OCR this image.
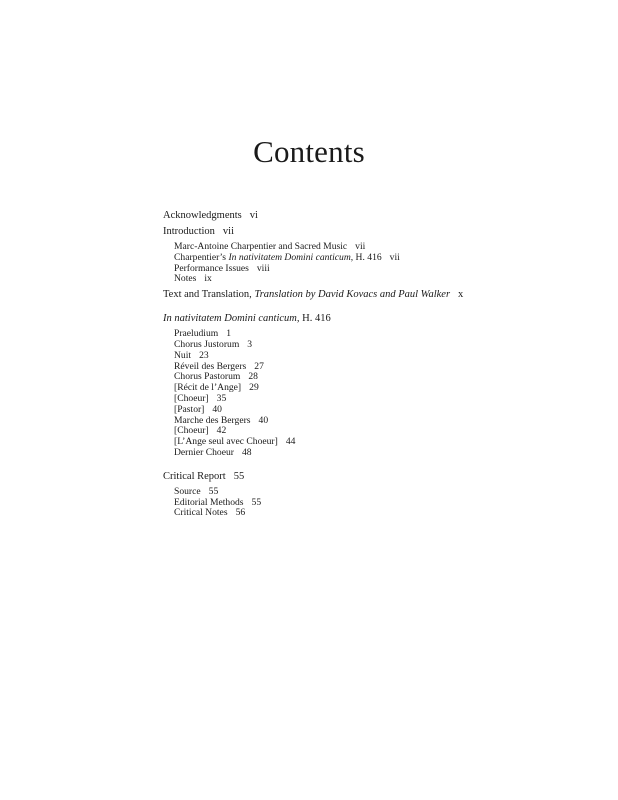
Contents
Acknowledgments vi
Introduction vii
Marc-Antoine Charpentier and Sacred Music vii
Charpentier’s In nativitatem Domini canticum, H. 416 vii
Performance Issues viii
Notes ix
Text and Translation, Translation by David Kovacs and Paul Walker x
In nativitatem Domini canticum, H. 416
Praeludium 1
Chorus Justorum 3
Nuit 23
Réveil des Bergers 27
Chorus Pastorum 28
[Récit de l’Ange] 29
[Choeur] 35
[Pastor] 40
Marche des Bergers 40
[Choeur] 42
[L’Ange seul avec Choeur] 44
Dernier Choeur 48
Critical Report 55
Source 55
Editorial Methods 55
Critical Notes 56
